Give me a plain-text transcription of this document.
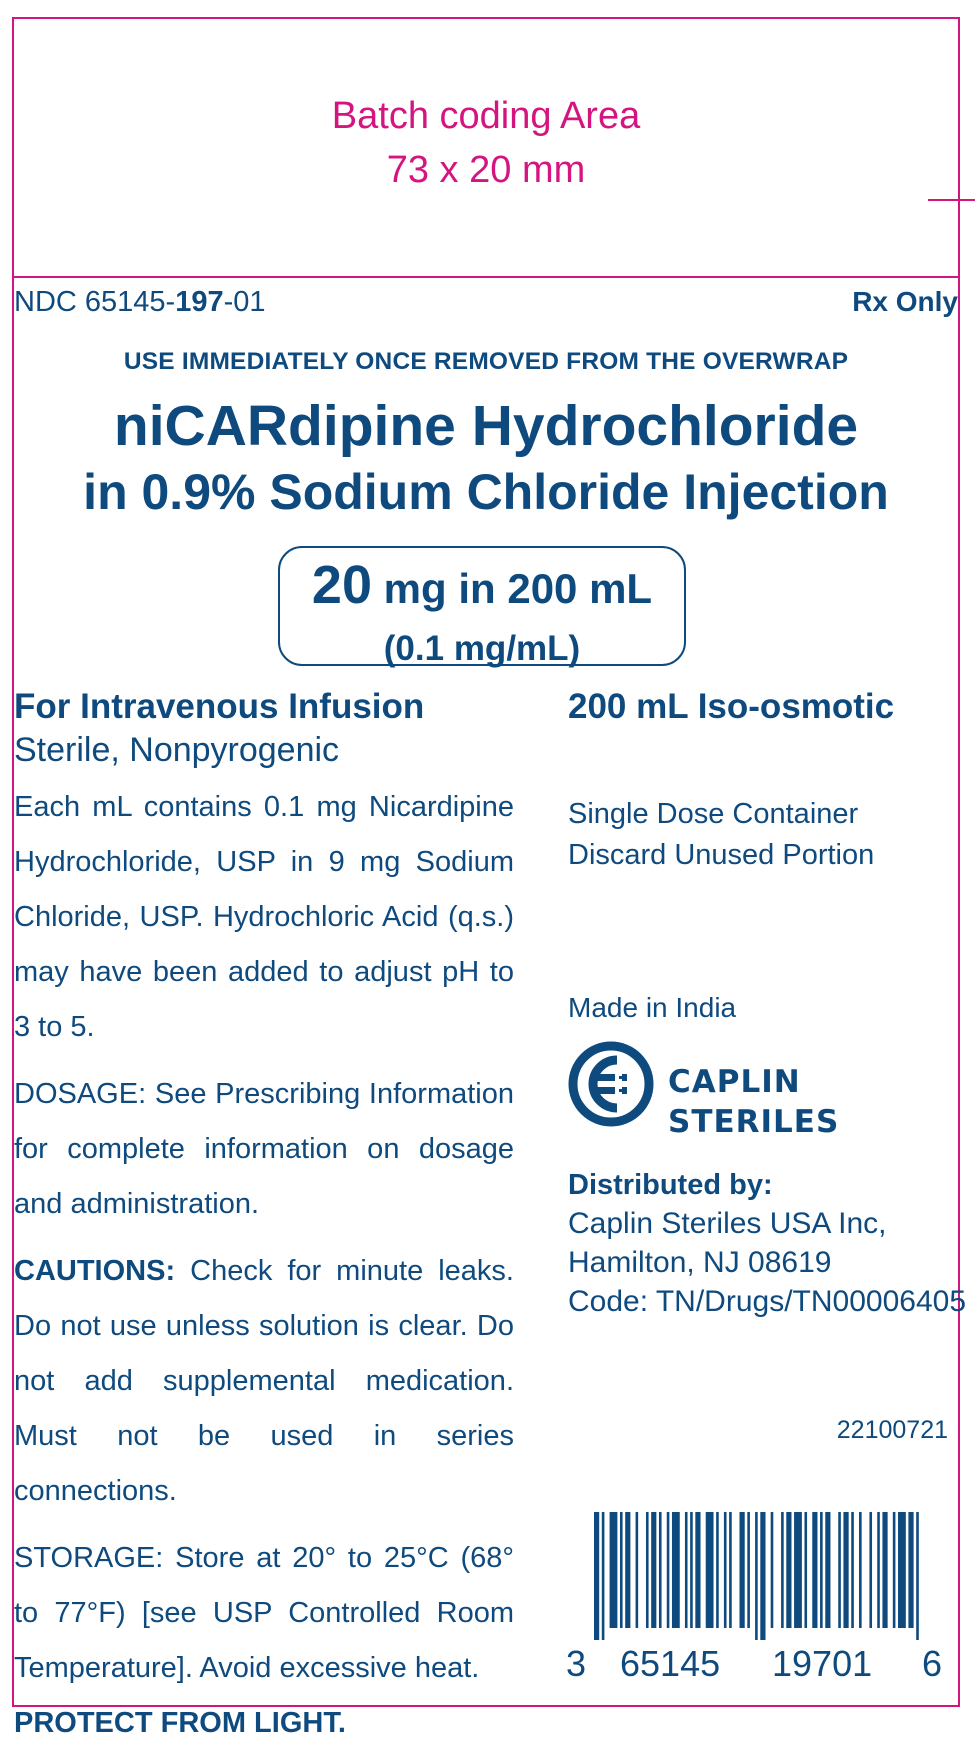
Batch coding Area
73 x 20 mm
NDC 65145-197-01	Rx Only
USE IMMEDIATELY ONCE REMOVED FROM THE OVERWRAP
niCARdipine Hydrochloride
in 0.9% Sodium Chloride Injection
20 mg in 200 mL
(0.1 mg/mL)
For Intravenous Infusion
Sterile, Nonpyrogenic
Each mL contains 0.1 mg Nicardipine Hydrochloride, USP in 9 mg Sodium Chloride, USP. Hydrochloric Acid (q.s.) may have been added to adjust pH to 3 to 5.
DOSAGE: See Prescribing Information for complete information on dosage and administration.
CAUTIONS: Check for minute leaks. Do not use unless solution is clear. Do not add supplemental medication. Must not be used in series connections.
STORAGE: Store at 20° to 25°C (68° to 77°F) [see USP Controlled Room Temperature]. Avoid excessive heat.
PROTECT FROM LIGHT.
200 mL Iso-osmotic
Single Dose Container
Discard Unused Portion
Made in India
CAPLIN STERILES
Distributed by:
Caplin Steriles USA Inc,
Hamilton, NJ 08619
Code: TN/Drugs/TN00006405
22100721
3 65145 19701 6
